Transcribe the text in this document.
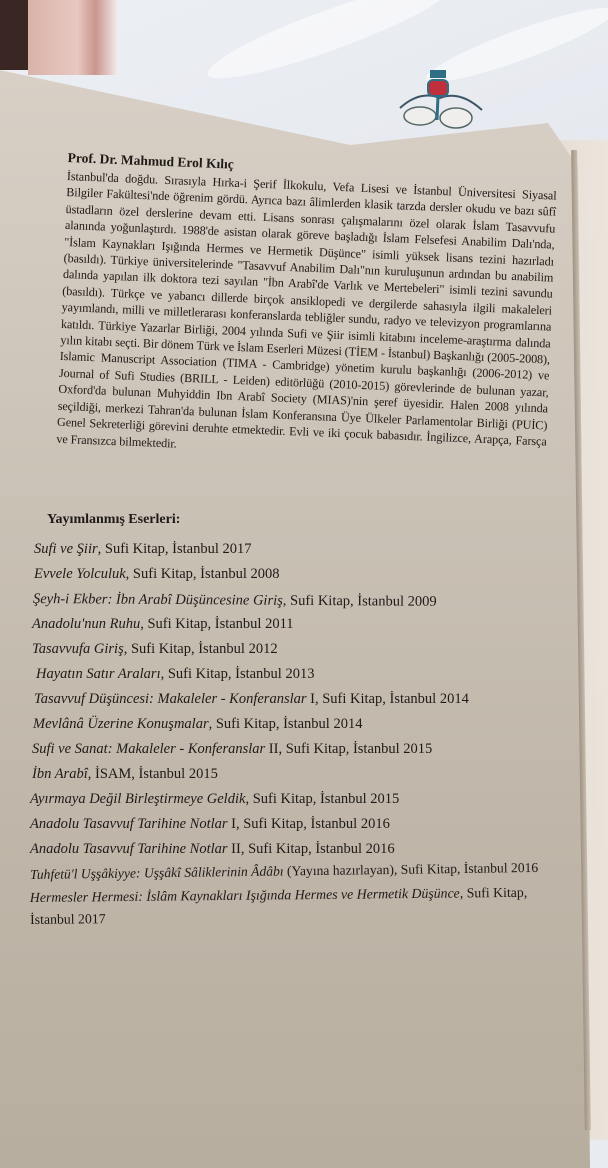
Prof. Dr. Mahmud Erol Kılıç

İstanbul'da doğdu. Sırasıyla Hırka-i Şerif İlkokulu, Vefa Lisesi ve İstanbul Üniversitesi Siyasal Bilgiler Fakültesi'nde öğrenim gördü. Ayrıca bazı âlimlerden klasik tarzda dersler okudu ve bazı sûfî üstadların özel derslerine devam etti. Lisans sonrası çalışmalarını özel olarak İslam Tasavvufu alanında yoğunlaştırdı. 1988'de asistan olarak göreve başladığı İslam Felsefesi Anabilim Dalı'nda, "İslam Kaynakları Işığında Hermes ve Hermetik Düşünce" isimli yüksek lisans tezini hazırladı (basıldı). Türkiye üniversitelerinde "Tasavvuf Anabilim Dalı"nın kuruluşunun ardından bu anabilim dalında yapılan ilk doktora tezi sayılan "İbn Arabî'de Varlık ve Mertebeleri" isimli tezini savundu (basıldı). Türkçe ve yabancı dillerde birçok ansiklopedi ve dergilerde sahasıyla ilgili makaleleri yayımlandı, milli ve milletlerarası konferanslarda tebliğler sundu, radyo ve televizyon programlarına katıldı. Türkiye Yazarlar Birliği, 2004 yılında Sufi ve Şiir isimli kitabını inceleme-araştırma dalında yılın kitabı seçti. Bir dönem Türk ve İslam Eserleri Müzesi (TİEM - İstanbul) Başkanlığı (2005-2008), Islamic Manuscript Association (TIMA - Cambridge) yönetim kurulu başkanlığı (2006-2012) ve Journal of Sufi Studies (BRILL - Leiden) editörlüğü (2010-2015) görevlerinde de bulunan yazar, Oxford'da bulunan Muhyiddin Ibn Arabî Society (MIAS)'nin şeref üyesidir. Halen 2008 yılında seçildiği, merkezi Tahran'da bulunan İslam Konferansına Üye Ülkeler Parlamentolar Birliği (PUİC) Genel Sekreterliği görevini deruhte etmektedir. Evli ve iki çocuk babasıdır. İngilizce, Arapça, Farsça ve Fransızca bilmektedir.

Yayımlanmış Eserleri:
Sufi ve Şiir, Sufi Kitap, İstanbul 2017
Evvele Yolculuk, Sufi Kitap, İstanbul 2008
Şeyh-i Ekber: İbn Arabî Düşüncesine Giriş, Sufi Kitap, İstanbul 2009
Anadolu'nun Ruhu, Sufi Kitap, İstanbul 2011
Tasavvufa Giriş, Sufi Kitap, İstanbul 2012
Hayatın Satır Araları, Sufi Kitap, İstanbul 2013
Tasavvuf Düşüncesi: Makaleler - Konferanslar I, Sufi Kitap, İstanbul 2014
Mevlânâ Üzerine Konuşmalar, Sufi Kitap, İstanbul 2014
Sufi ve Sanat: Makaleler - Konferanslar II, Sufi Kitap, İstanbul 2015
İbn Arabî, İSAM, İstanbul 2015
Ayırmaya Değil Birleştirmeye Geldik, Sufi Kitap, İstanbul 2015
Anadolu Tasavvuf Tarihine Notlar I, Sufi Kitap, İstanbul 2016
Anadolu Tasavvuf Tarihine Notlar II, Sufi Kitap, İstanbul 2016
Tuhfetü'l Uşşâkiyye: Uşşâkî Sâliklerinin Âdâbı (Yayına hazırlayan), Sufi Kitap, İstanbul 2016
Hermesler Hermesi: İslâm Kaynakları Işığında Hermes ve Hermetik Düşünce, Sufi Kitap, İstanbul 2017
